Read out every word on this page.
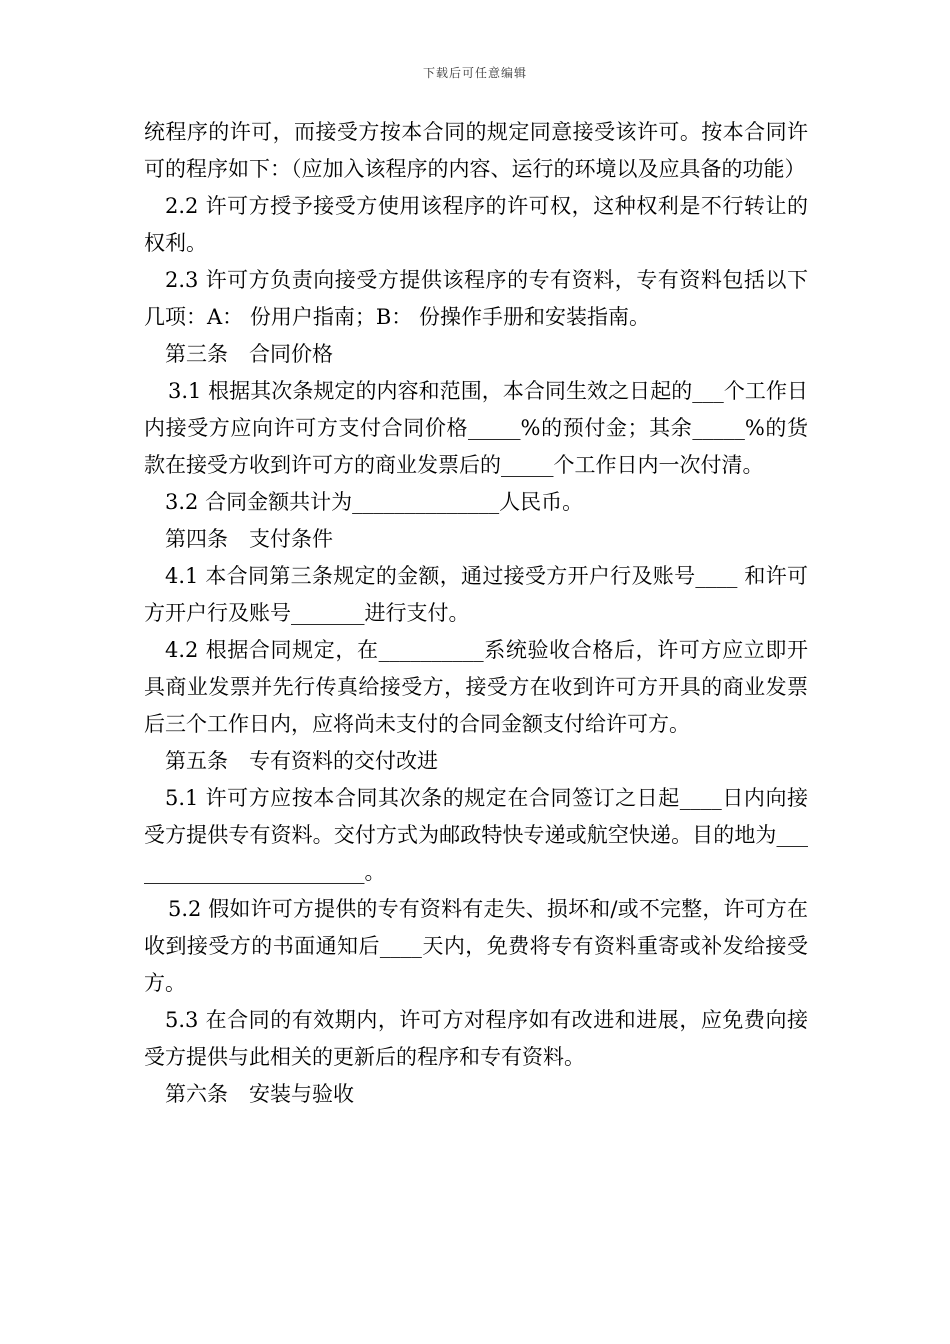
下载后可任意编辑

统程序的许可，而接受方按本合同的规定同意接受该许可。按本合同许可的程序如下：（应加入该程序的内容、运行的环境以及应具备的功能）

2.2 许可方授予接受方使用该程序的许可权，这种权利是不行转让的权利。

2.3 许可方负责向接受方提供该程序的专有资料，专有资料包括以下几项：A： 份用户指南；B： 份操作手册和安装指南。

第三条　合同价格

3.1 根据其次条规定的内容和范围，本合同生效之日起的___个工作日内接受方应向许可方支付合同价格_____%的预付金；其余_____%的货款在接受方收到许可方的商业发票后的_____个工作日内一次付清。

3.2 合同金额共计为______________人民币。

第四条　支付条件

4.1 本合同第三条规定的金额，通过接受方开户行及账号____ 和许可方开户行及账号_______进行支付。

4.2 根据合同规定，在__________系统验收合格后，许可方应立即开具商业发票并先行传真给接受方，接受方在收到许可方开具的商业发票后三个工作日内，应将尚未支付的合同金额支付给许可方。

第五条　专有资料的交付改进

5.1 许可方应按本合同其次条的规定在合同签订之日起____日内向接受方提供专有资料。交付方式为邮政特快专递或航空快递。目的地为________________________。

5.2 假如许可方提供的专有资料有走失、损坏和/或不完整，许可方在收到接受方的书面通知后____天内，免费将专有资料重寄或补发给接受方。

5.3 在合同的有效期内，许可方对程序如有改进和进展，应免费向接受方提供与此相关的更新后的程序和专有资料。

第六条　安装与验收
